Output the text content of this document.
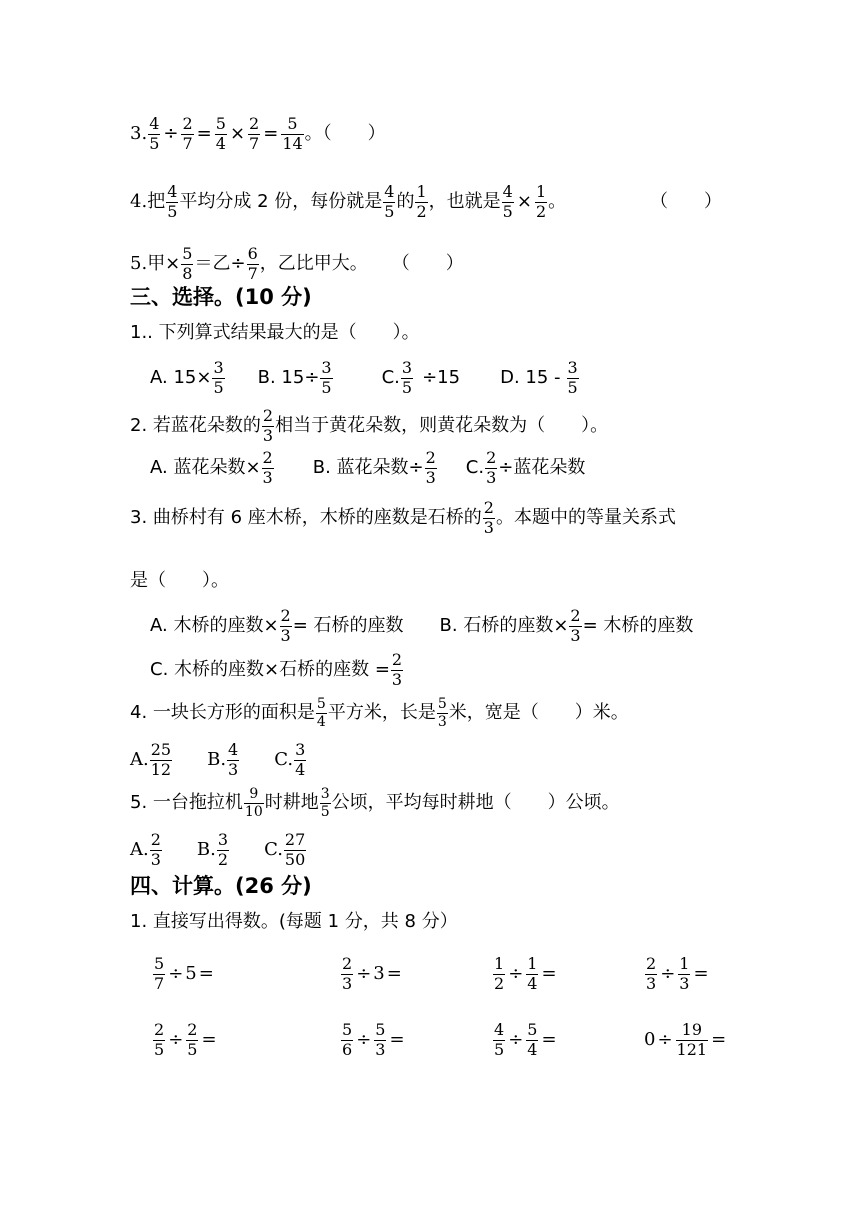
3. $\frac{4}{5} \div \frac{2}{7} = \frac{5}{4} \times \frac{2}{7} = \frac{5}{14}$ 。（　　）
4. 把 4
5 平均分成 2 份，每份就是 4
5 的 1
2 ，也就是 $\frac{4}{5} \times \frac{1}{2}$ 。	（　　）
5. 甲× $\frac{5}{8}$ ＝乙÷ $\frac{6}{7}$ ，乙比甲大。 （　　）
三、选择。(10 分)
1.. 下列算式结果最大的是（　　）。
A. $15\times \frac{3}{5} B$. $15\div \frac{3}{5}$	C. $\frac{3}{5} \div 15$ D. 15 - 3
5
2. 若蓝花朵数的 2
3 相当于黄花朵数，则黄花朵数为（　　）。
A. 蓝花朵数× $\frac{2}{3} B$. 蓝花朵数÷ $\frac{2}{3} C$. $\frac{2}{3}$ ÷蓝花朵数
3. 曲桥村有 6 座木桥，木桥的座数是石桥的 2
3 。本题中的等量关系式
是（　　）。
A. 木桥的座数× $\frac{2}{3}$ = 石桥的座数 B. 石桥的座数× $\frac{2}{3}$ = 木桥的座数
C. 木桥的座数×石桥的座数 = $\frac{2}{3}$
4. 一块长方形的面积是 5
4 平方米，长是 5
3 米，宽是（　　）米。
A. 25
12 B. 4
3 C. 3
4
5. 一台拖拉机 9
10 时耕地 3
5 公顷，平均每时耕地（　　）公顷。
A. 2
3 B. 3
2 C. 27
50
四、计算。(26 分)
1. 直接写出得数。(每题 1 分，共 8 分）
$\frac{5}{7} \div 5$ =	$\frac{2}{3} \div 3$ =	$\frac{1}{2} \div \frac{1}{4}$ =	$\frac{2}{3} \div \frac{1}{3}$ =
$\frac{2}{5} \div \frac{2}{5}$ =	$\frac{5}{6} \div \frac{5}{3}$ =	$\frac{4}{5} \div \frac{5}{4}$ =	$0 \div \frac{19}{121}$ =
